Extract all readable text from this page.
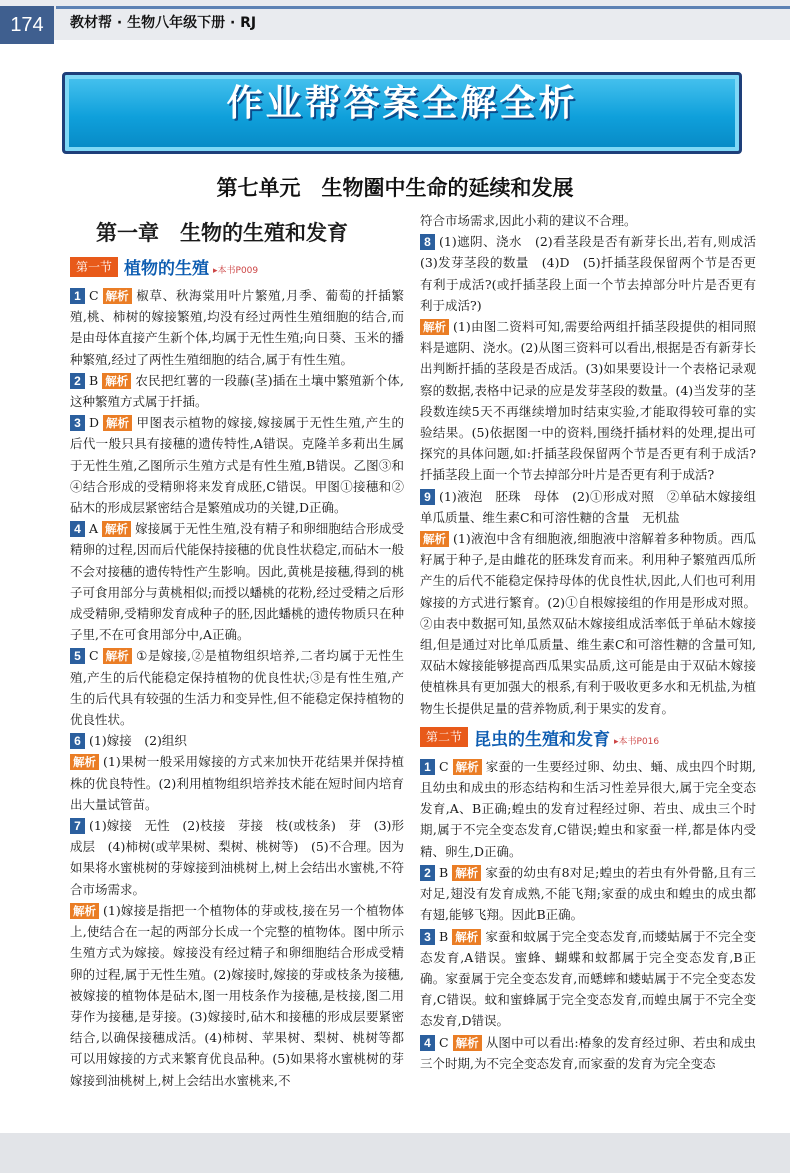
174	教材帮 · 生物八年级下册 · RJ
作业帮答案全解全析
第七单元　生物圈中生命的延续和发展
第一章　生物的生殖和发育
第一节 植物的生殖 ▸本书P009

1 C 解析 椒草、秋海棠用叶片繁殖,月季、葡萄的扦插繁殖,桃、柿树的嫁接繁殖,均没有经过两性生殖细胞的结合,而是由母体直接产生新个体,均属于无性生殖;向日葵、玉米的播种繁殖,经过了两性生殖细胞的结合,属于有性生殖。

2 B 解析 农民把红薯的一段藤(茎)插在土壤中繁殖新个体,这种繁殖方式属于扦插。

3 D 解析 甲图表示植物的嫁接,嫁接属于无性生殖,产生的后代一般只具有接穗的遗传特性,A错误。克隆羊多莉出生属于无性生殖,乙图所示生殖方式是有性生殖,B错误。乙图③和④结合形成的受精卵将来发育成胚,C错误。甲图①接穗和②砧木的形成层紧密结合是繁殖成功的关键,D正确。

4 A 解析 嫁接属于无性生殖,没有精子和卵细胞结合形成受精卵的过程,因而后代能保持接穗的优良性状稳定,而砧木一般不会对接穗的遗传特性产生影响。因此,黄桃是接穗,得到的桃子可食用部分与黄桃相似;而授以蟠桃的花粉,经过受精之后形成受精卵,受精卵发育成种子的胚,因此蟠桃的遗传物质只在种子里,不在可食用部分中,A正确。

5 C 解析 ①是嫁接,②是植物组织培养,二者均属于无性生殖,产生的后代能稳定保持植物的优良性状;③是有性生殖,产生的后代具有较强的生活力和变异性,但不能稳定保持植物的优良性状。

6 (1)嫁接　(2)组织

解析 (1)果树一般采用嫁接的方式来加快开花结果并保持植株的优良特性。(2)利用植物组织培养技术能在短时间内培育出大量试管苗。

7 (1)嫁接　无性　(2)枝接　芽接　枝(或枝条)　芽　(3)形成层　(4)柿树(或苹果树、梨树、桃树等)　(5)不合理。因为如果将水蜜桃树的芽嫁接到油桃树上,树上会结出水蜜桃,不符合市场需求。

解析 (1)嫁接是指把一个植物体的芽或枝,接在另一个植物体上,使结合在一起的两部分长成一个完整的植物体。图中所示生殖方式为嫁接。嫁接没有经过精子和卵细胞结合形成受精卵的过程,属于无性生殖。(2)嫁接时,嫁接的芽或枝条为接穗,被嫁接的植物体是砧木,图一用枝条作为接穗,是枝接,图二用芽作为接穗,是芽接。(3)嫁接时,砧木和接穗的形成层要紧密结合,以确保接穗成活。(4)柿树、苹果树、梨树、桃树等都可以用嫁接的方式来繁育优良品种。(5)如果将水蜜桃树的芽嫁接到油桃树上,树上会结出水蜜桃来,不

符合市场需求,因此小莉的建议不合理。

8 (1)遮阴、浇水　(2)看茎段是否有新芽长出,若有,则成活　(3)发芽茎段的数量　(4)D　(5)扦插茎段保留两个节是否更有利于成活?(或扦插茎段上面一个节去掉部分叶片是否更有利于成活?)

解析 (1)由图二资料可知,需要给两组扦插茎段提供的相同照料是遮阴、浇水。(2)从图三资料可以看出,根据是否有新芽长出判断扦插的茎段是否成活。(3)如果要设计一个表格记录观察的数据,表格中记录的应是发芽茎段的数量。(4)当发芽的茎段数连续5天不再继续增加时结束实验,才能取得较可靠的实验结果。(5)依据图一中的资料,围绕扦插材料的处理,提出可探究的具体问题,如:扦插茎段保留两个节是否更有利于成活?扦插茎段上面一个节去掉部分叶片是否更有利于成活?

9 (1)液泡　胚珠　母体　(2)①形成对照　②单砧木嫁接组　单瓜质量、维生素C和可溶性糖的含量　无机盐

解析 (1)液泡中含有细胞液,细胞液中溶解着多种物质。西瓜籽属于种子,是由雌花的胚珠发育而来。利用种子繁殖西瓜所产生的后代不能稳定保持母体的优良性状,因此,人们也可利用嫁接的方式进行繁育。(2)①自根嫁接组的作用是形成对照。②由表中数据可知,虽然双砧木嫁接组成活率低于单砧木嫁接组,但是通过对比单瓜质量、维生素C和可溶性糖的含量可知,双砧木嫁接能够提高西瓜果实品质,这可能是由于双砧木嫁接使植株具有更加强大的根系,有利于吸收更多水和无机盐,为植物生长提供足量的营养物质,利于果实的发育。

第二节 昆虫的生殖和发育 ▸本书P016

1 C 解析 家蚕的一生要经过卵、幼虫、蛹、成虫四个时期,且幼虫和成虫的形态结构和生活习性差异很大,属于完全变态发育,A、B正确;蝗虫的发育过程经过卵、若虫、成虫三个时期,属于不完全变态发育,C错误;蝗虫和家蚕一样,都是体内受精、卵生,D正确。

2 B 解析 家蚕的幼虫有8对足;蝗虫的若虫有外骨骼,且有三对足,翅没有发育成熟,不能飞翔;家蚕的成虫和蝗虫的成虫都有翅,能够飞翔。因此B正确。

3 B 解析 家蚕和蚊属于完全变态发育,而蝼蛄属于不完全变态发育,A错误。蜜蜂、蝴蝶和蚊都属于完全变态发育,B正确。家蚕属于完全变态发育,而蟋蟀和蝼蛄属于不完全变态发育,C错误。蚊和蜜蜂属于完全变态发育,而蝗虫属于不完全变态发育,D错误。

4 C 解析 从图中可以看出:椿象的发育经过卵、若虫和成虫三个时期,为不完全变态发育,而家蚕的发育为完全变态
